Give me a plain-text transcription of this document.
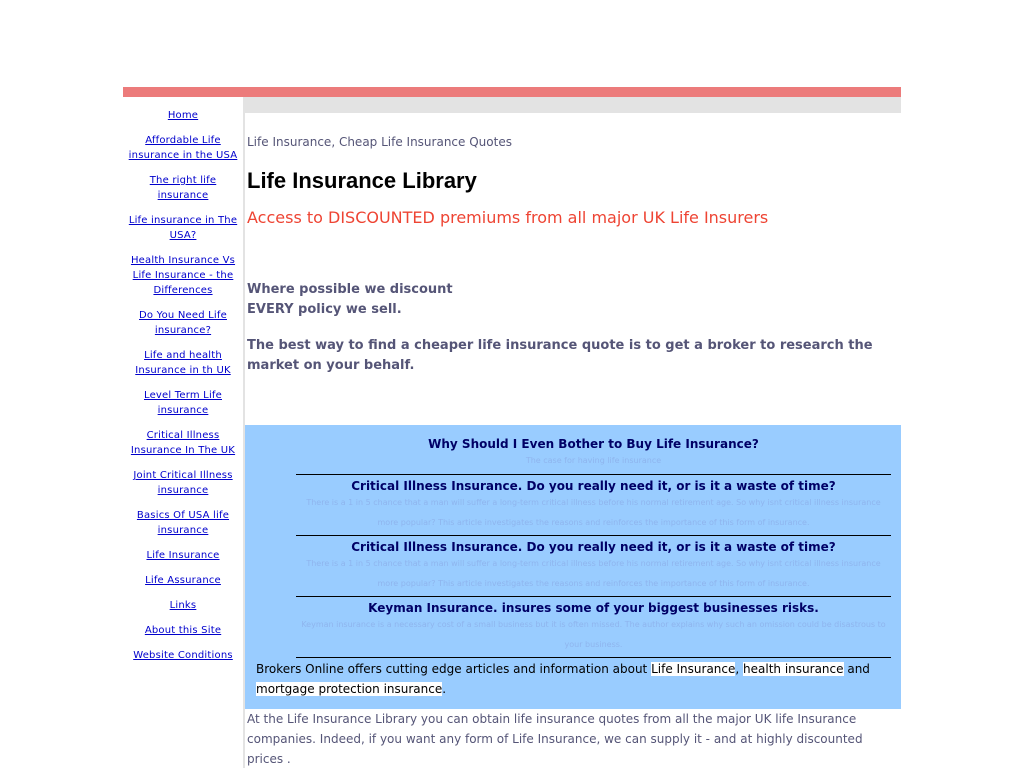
Home
Affordable Life insurance in the USA
The right life insurance
Life insurance in The USA?
Health Insurance Vs Life Insurance - the Differences
Do You Need Life insurance?
Life and health Insurance in th UK
Level Term Life insurance
Critical Illness Insurance In The UK
Joint Critical Illness insurance
Basics Of USA life insurance
Life Insurance
Life Assurance
Links
About this Site
Website Conditions
Life Insurance, Cheap Life Insurance Quotes
Life Insurance Library
Access to DISCOUNTED premiums from all major UK Life Insurers
Where possible we discount
EVERY policy we sell.
The best way to find a cheaper life insurance quote is to get a broker to research the market on your behalf.
Why Should I Even Bother to Buy Life Insurance?
The case for having life insurance
Critical Illness Insurance. Do you really need it, or is it a waste of time?
There is a 1 in 5 chance that a man will suffer a long-term critical illness before his normal retirement age. So why isnt critical illness insurance more popular? This article investigates the reasons and reinforces the importance of this form of insurance.
Critical Illness Insurance. Do you really need it, or is it a waste of time?
There is a 1 in 5 chance that a man will suffer a long-term critical illness before his normal retirement age. So why isnt critical illness insurance more popular? This article investigates the reasons and reinforces the importance of this form of insurance.
Keyman Insurance. insures some of your biggest businesses risks.
Keyman insurance is a necessary cost of a small business but it is often missed. The author explains why such an omission could be disastrous to your business.
Brokers Online offers cutting edge articles and information about Life Insurance, health insurance and mortgage protection insurance.
At the Life Insurance Library you can obtain life insurance quotes from all the major UK life Insurance companies. Indeed, if you want any form of Life Insurance, we can supply it - and at highly discounted prices .
